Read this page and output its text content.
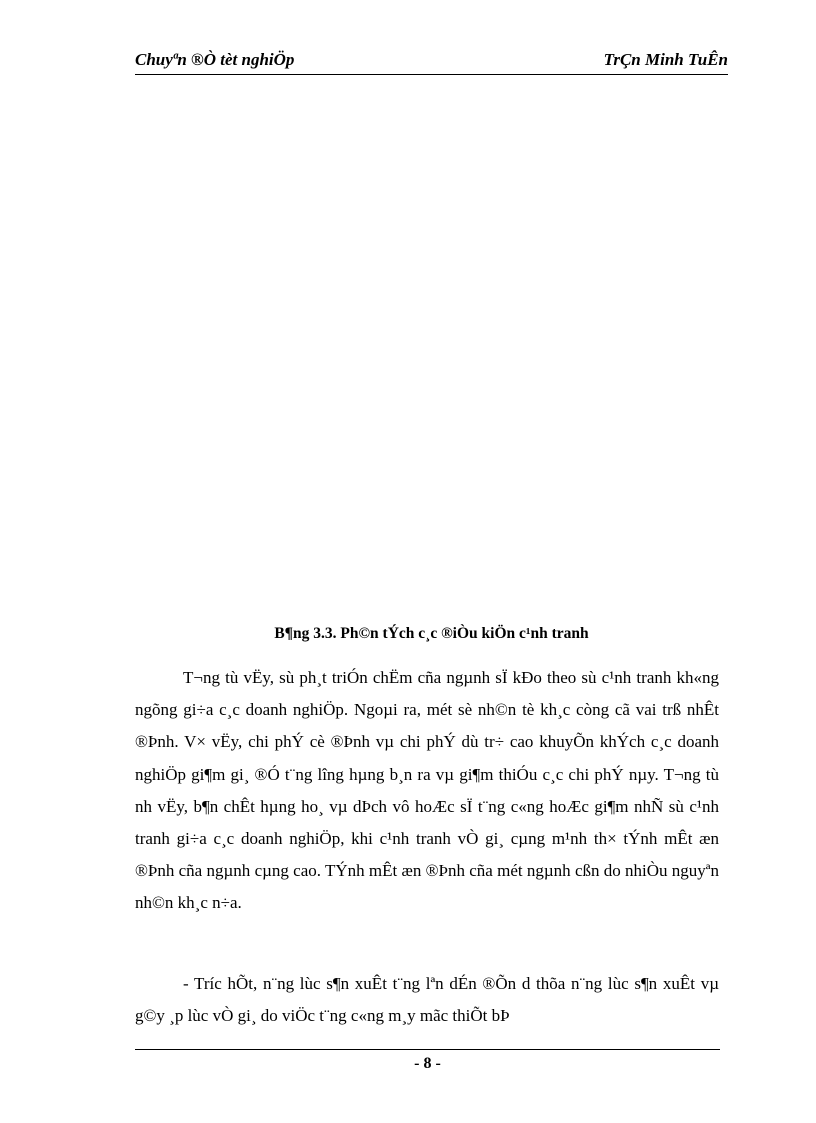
Chuyªn ®Ò tèt nghiÖp	TrÇn Minh TuÊn
B¶ng 3.3. Ph©n tÝch c¸c ®iÒu kiÖn c¹nh tranh

T¬ng tù vËy, sù ph¸t triÓn chËm cña ngµnh sÏ kÐo theo sù c¹nh tranh kh«ng ngõng gi÷a c¸c doanh nghiÖp. Ngoµi ra, mét sè nh©n tè kh¸c còng cã vai trß nhÊt ®Þnh. V× vËy, chi phÝ cè ®Þnh vµ chi phÝ dù tr÷ cao khuyÕn khÝch c¸c doanh nghiÖp gi¶m gi¸ ®Ó t¨ng lîng hµng b¸n ra vµ gi¶m thiÓu c¸c chi phÝ nµy. T¬ng tù nh vËy, b¶n chÊt hµng ho¸ vµ dÞch vô hoÆc sÏ t¨ng c«ng hoÆc gi¶m nhÑ sù c¹nh tranh gi÷a c¸c doanh nghiÖp, khi c¹nh tranh vÒ gi¸ cµng m¹nh th× tÝnh mÊt æn ®Þnh cña ngµnh cµng cao. TÝnh mÊt æn ®Þnh cña mét ngµnh cßn do nhiÒu nguyªn nh©n kh¸c n÷a.

- Tríc hÕt, n¨ng lùc s¶n xuÊt t¨ng lªn dÉn ®Õn d thõa n¨ng lùc s¶n xuÊt vµ g©y ¸p lùc vÒ gi¸ do viÖc t¨ng c«ng m¸y mãc thiÕt bÞ

- 8 -
